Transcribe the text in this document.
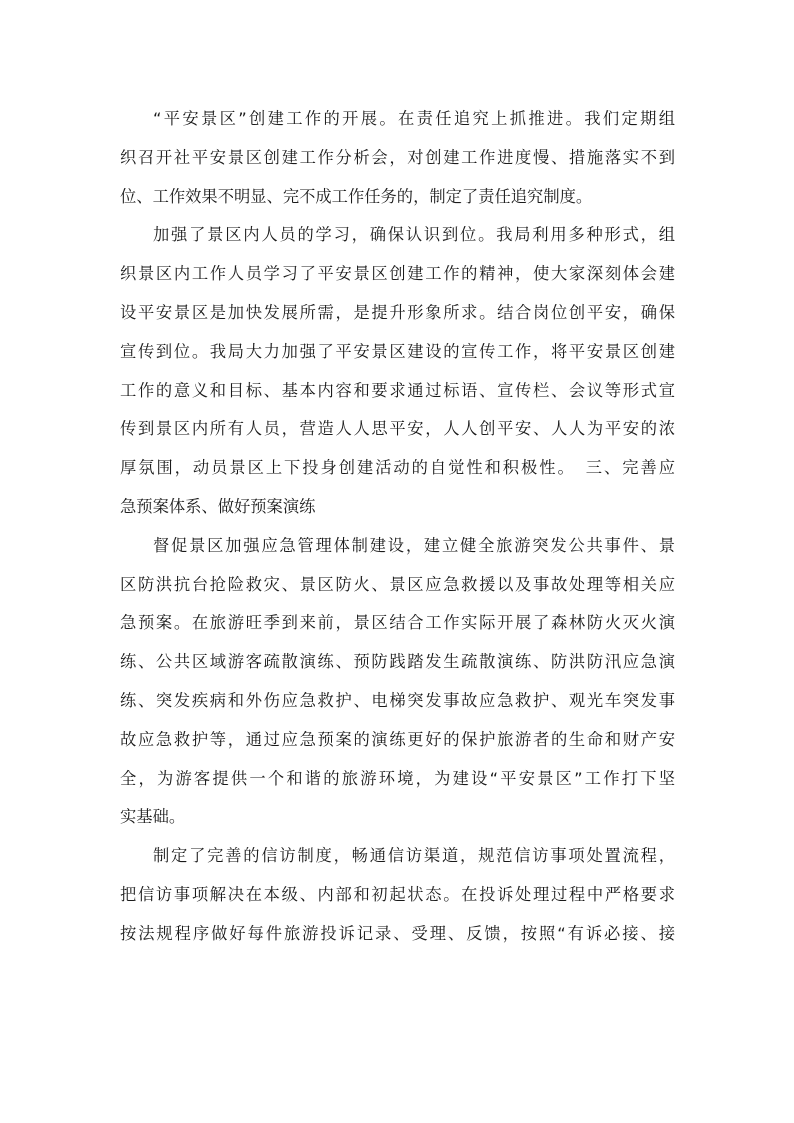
“平安景区”创建工作的开展。在责任追究上抓推进。我们定期组
织召开社平安景区创建工作分析会，对创建工作进度慢、措施落实不到
位、工作效果不明显、完不成工作任务的，制定了责任追究制度。
加强了景区内人员的学习，确保认识到位。我局利用多种形式，组
织景区内工作人员学习了平安景区创建工作的精神，使大家深刻体会建
设平安景区是加快发展所需，是提升形象所求。结合岗位创平安，确保
宣传到位。我局大力加强了平安景区建设的宣传工作，将平安景区创建
工作的意义和目标、基本内容和要求通过标语、宣传栏、会议等形式宣
传到景区内所有人员，营造人人思平安，人人创平安、人人为平安的浓
厚氛围，动员景区上下投身创建活动的自觉性和积极性。　三、完善应
急预案体系、做好预案演练
督促景区加强应急管理体制建设，建立健全旅游突发公共事件、景
区防洪抗台抢险救灾、景区防火、景区应急救援以及事故处理等相关应
急预案。在旅游旺季到来前，景区结合工作实际开展了森林防火灭火演
练、公共区域游客疏散演练、预防践踏发生疏散演练、防洪防汛应急演
练、突发疾病和外伤应急救护、电梯突发事故应急救护、观光车突发事
故应急救护等，通过应急预案的演练更好的保护旅游者的生命和财产安
全，为游客提供一个和谐的旅游环境，为建设“平安景区”工作打下坚
实基础。
制定了完善的信访制度，畅通信访渠道，规范信访事项处置流程，
把信访事项解决在本级、内部和初起状态。在投诉处理过程中严格要求
按法规程序做好每件旅游投诉记录、受理、反馈，按照“有诉必接、接
